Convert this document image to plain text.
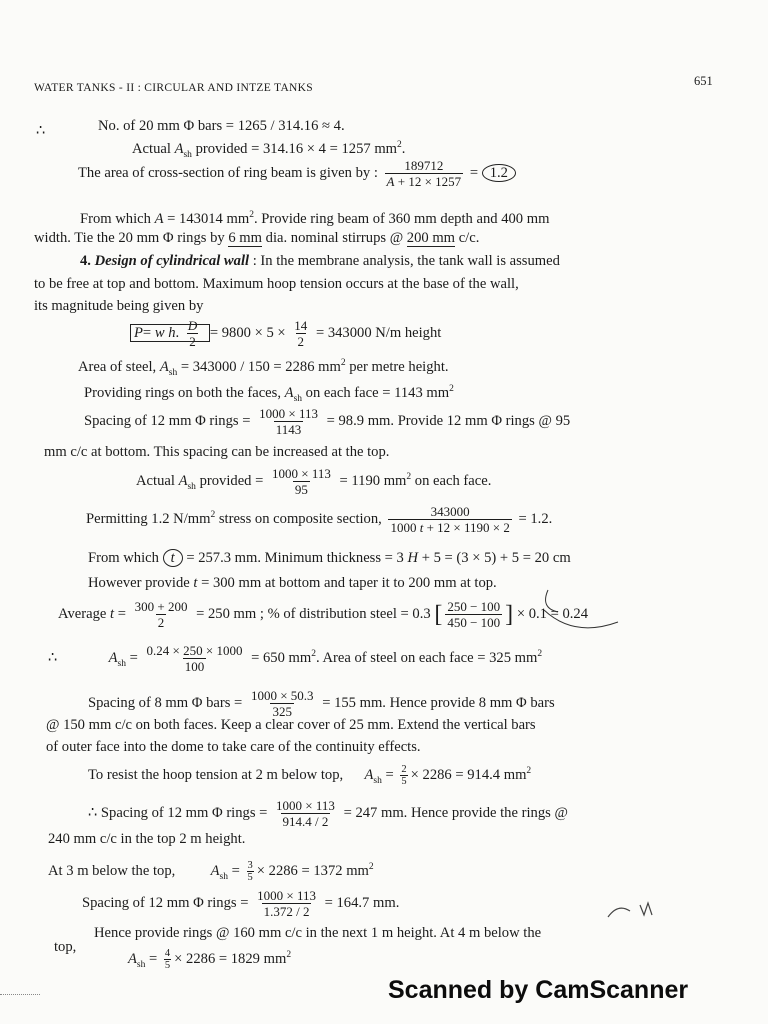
WATER TANKS - II : CIRCULAR AND INTZE TANKS	651
∴	No. of 20 mm Φ bars = 1265 / 314.16 ≈ 4.
Actual $A_{sh}$ provided = 314.16 × 4 = 1257 $mm^2$.
The area of cross-section of ring beam is given by : $\frac{189712}{A + 12 \times 1257} = 1.2$
From which A = 143014 $mm^2$. Provide ring beam of 360 mm depth and 400 mm
width. Tie the 20 mm Φ rings by 6 mm dia. nominal stirrups @ 200 mm c/c.
4. Design of cylindrical wall : In the membrane analysis, the tank wall is assumed
to be free at top and bottom. Maximum hoop tension occurs at the base of the wall,
its magnitude being given by
P= w h. $\frac{D}{2} = 9800 \times 5 \times \frac{14}{2} = 343000$ N/m height
Area of steel, $A_{sh} = 343000 / 150 = 2286$ $mm^2$ per metre height.
Providing rings on both the faces, $A_{sh}$ on each face = 1143 $mm^2$
Spacing of 12 mm Φ rings = $\frac{1000 \times 113}{1143} = 98.9$ mm. Provide 12 mm Φ rings @ 95
mm c/c at bottom. This spacing can be increased at the top.
Actual $A_{sh}$ provided = $\frac{1000 \times 113}{95} = 1190$ $mm^2$ on each face.
Permitting 1.2 $N/mm^2$ stress on composite section, $\frac{343000}{1000 t + 12 \times 1190 \times 2} = 1.2$.
From which t = 257.3 mm. Minimum thickness = 3 H + 5 = (3 × 5) + 5 = 20 cm
However provide t = 300 mm at bottom and taper it to 200 mm at top.
Average $t = \frac{300 + 200}{2} = 250$ mm ; % of distribution steel = 0.3 [ $\frac{250 - 100}{450 - 100}$ ] × 0.1 = 0.24
∴	$A_{sh} = \frac{0.24 \times 250 \times 1000}{100} = 650$ $mm^2$. Area of steel on each face = 325 $mm^2$
Spacing of 8 mm Φ bars = $\frac{1000 \times 50.3}{325} = 155$ mm. Hence provide 8 mm Φ bars
@ 150 mm c/c on both faces. Keep a clear cover of 25 mm. Extend the vertical bars
of outer face into the dome to take care of the continuity effects.
To resist the hoop tension at 2 m below top, $A_{sh} = \frac{2}{5} \times 2286 = 914.4$ $mm^2$
∴ Spacing of 12 mm Φ rings = $\frac{1000 \times 113}{914.4 / 2} = 247$ mm. Hence provide the rings @
240 mm c/c in the top 2 m height.
At 3 m below the top, $A_{sh} = \frac{3}{5} \times 2286 = 1372$ $mm^2$
Spacing of 12 mm Φ rings = $\frac{1000 \times 113}{1.372 / 2} = 164.7$ mm.
Hence provide rings @ 160 mm c/c in the next 1 m height. At 4 m below the
top,
$A_{sh} = \frac{4}{5} \times 2286 = 1829$ $mm^2$
Scanned by CamScanner
